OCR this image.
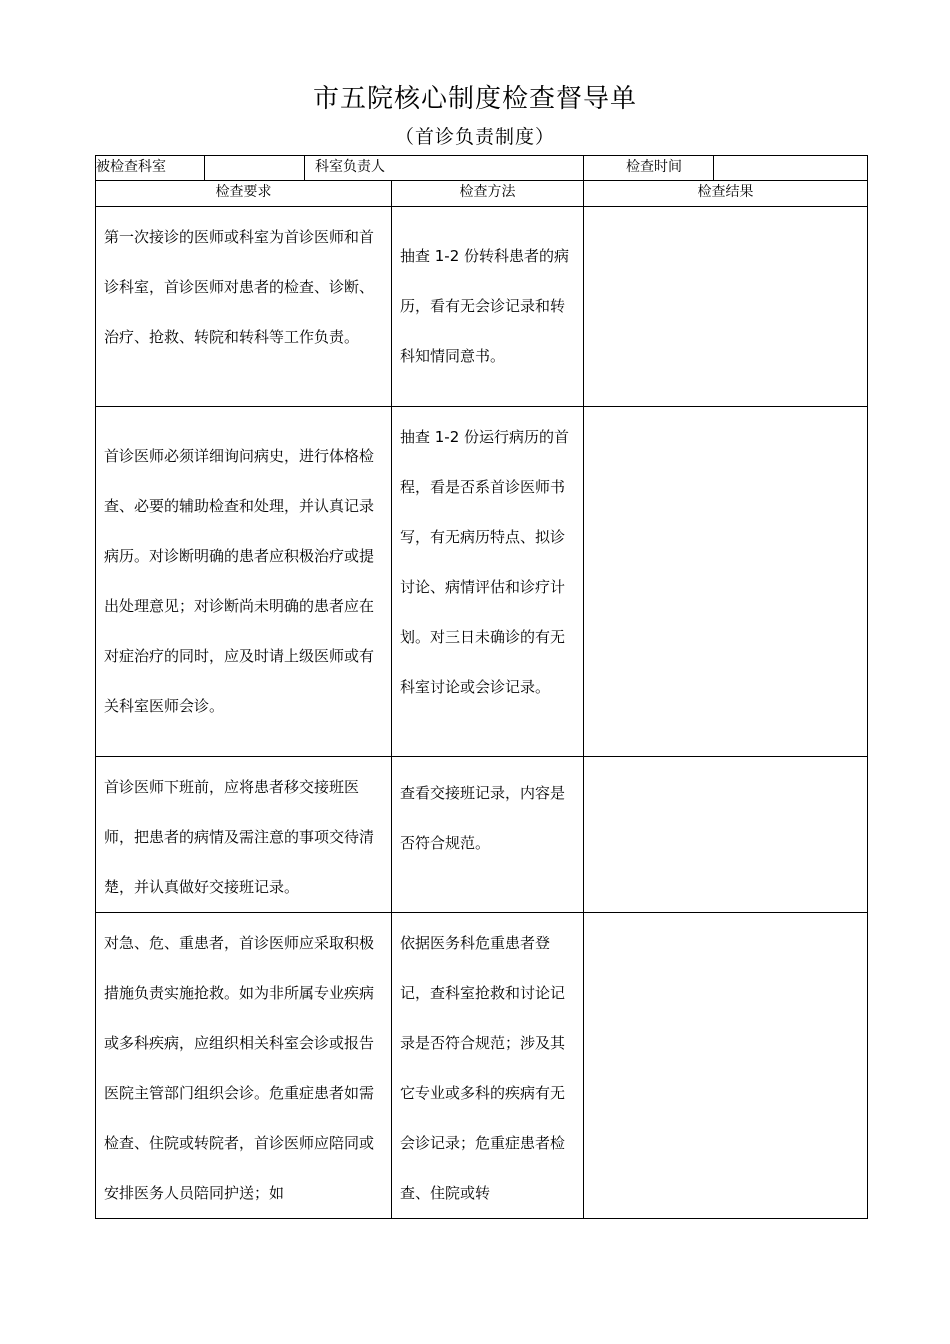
市五院核心制度检查督导单
（首诊负责制度）
被检查科室		科室负责人		检查时间	
检查要求			检查方法	检查结果	

第一次接诊的医师或科室为首诊医师和首诊科室，首诊医师对患者的检查、诊断、治疗、抢救、转院和转科等工作负责。			抽查 1-2 份转科患者的病历，看有无会诊记录和转科知情同意书。		

首诊医师必须详细询问病史，进行体格检查、必要的辅助检查和处理，并认真记录病历。对诊断明确的患者应积极治疗或提出处理意见；对诊断尚未明确的患者应在对症治疗的同时，应及时请上级医师或有关科室医师会诊。			抽查 1-2 份运行病历的首程，看是否系首诊医师书写，有无病历特点、拟诊讨论、病情评估和诊疗计划。对三日未确诊的有无科室讨论或会诊记录。		

首诊医师下班前，应将患者移交接班医师，把患者的病情及需注意的事项交待清楚，并认真做好交接班记录。			查看交接班记录，内容是否符合规范。		

对急、危、重患者，首诊医师应采取积极措施负责实施抢救。如为非所属专业疾病或多科疾病，应组织相关科室会诊或报告医院主管部门组织会诊。危重症患者如需检查、住院或转院者，首诊医师应陪同或安排医务人员陪同护送；如			依据医务科危重患者登记，查科室抢救和讨论记录是否符合规范；涉及其它专业或多科的疾病有无会诊记录；危重症患者检查、住院或转		
